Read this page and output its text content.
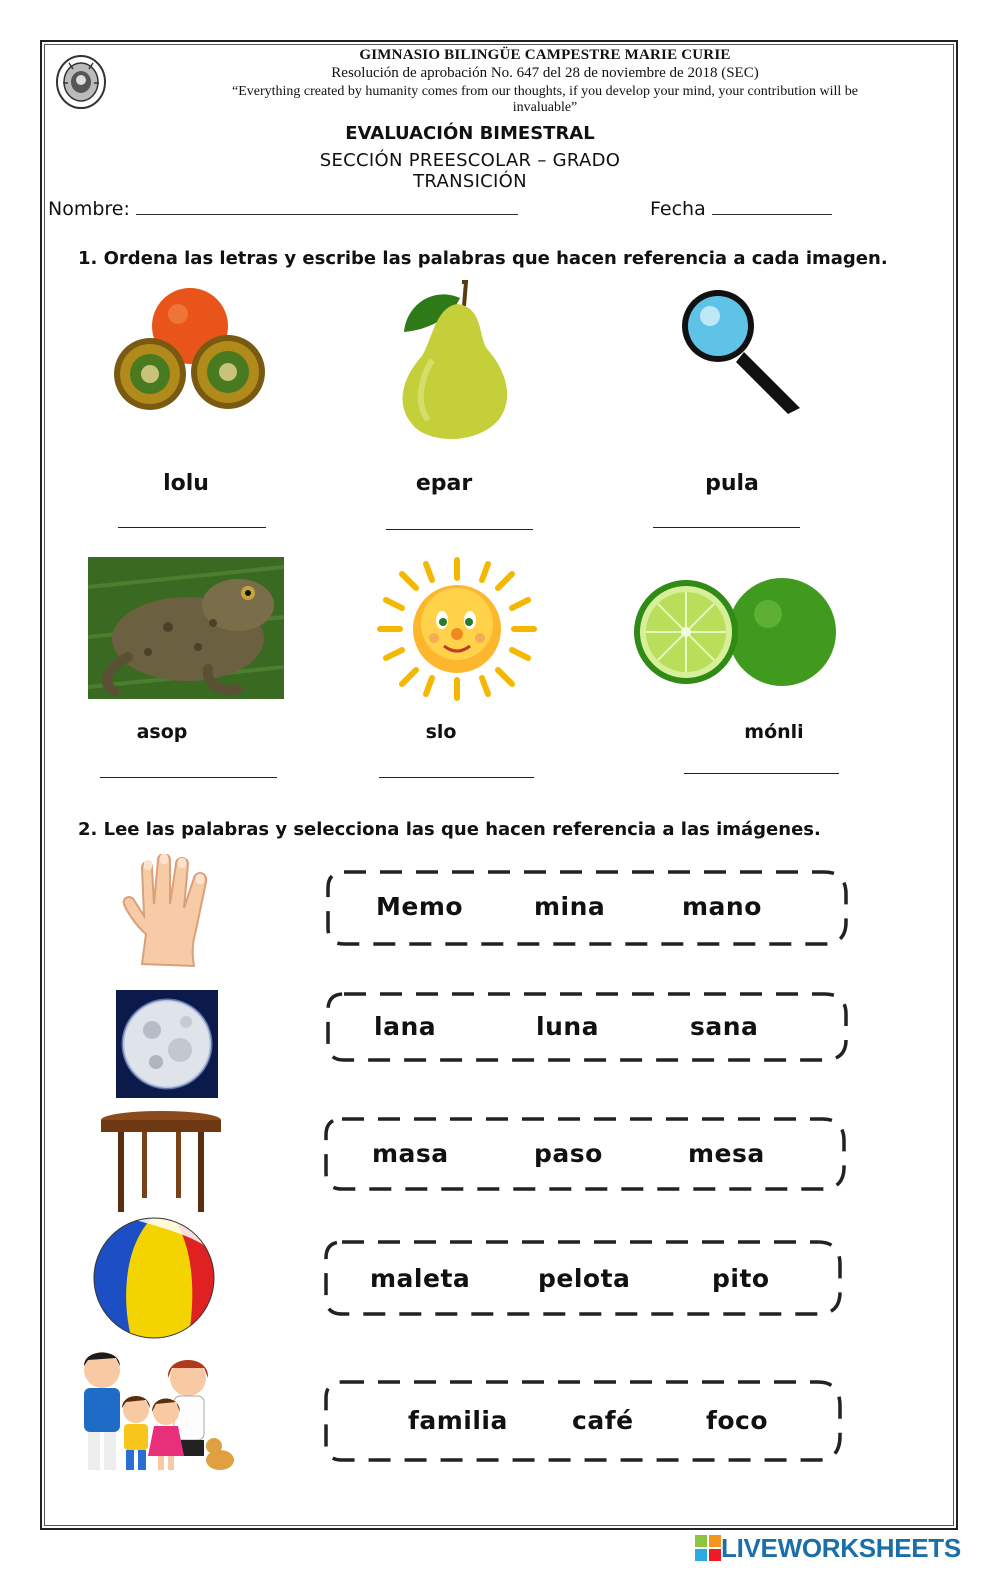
GIMNASIO BILINGÜE CAMPESTRE MARIE CURIE
Resolución de aprobación No. 647 del 28 de noviembre de 2018 (SEC)
“Everything created by humanity comes from our thoughts, if you develop your mind, your contribution will be invaluable”
EVALUACIÓN BIMESTRAL
SECCIÓN PREESCOLAR – GRADO TRANSICIÓN
Nombre:	Fecha
1. Ordena las letras y escribe las palabras que hacen referencia a cada imagen.
lolu	epar	pula
asop	slo	mónli
2. Lee las palabras y selecciona las que hacen referencia a las imágenes.
Memo	mina	mano
lana	luna	sana
masa	paso	mesa
maleta	pelota	pito
familia	café	foco
LIVEWORKSHEETS
